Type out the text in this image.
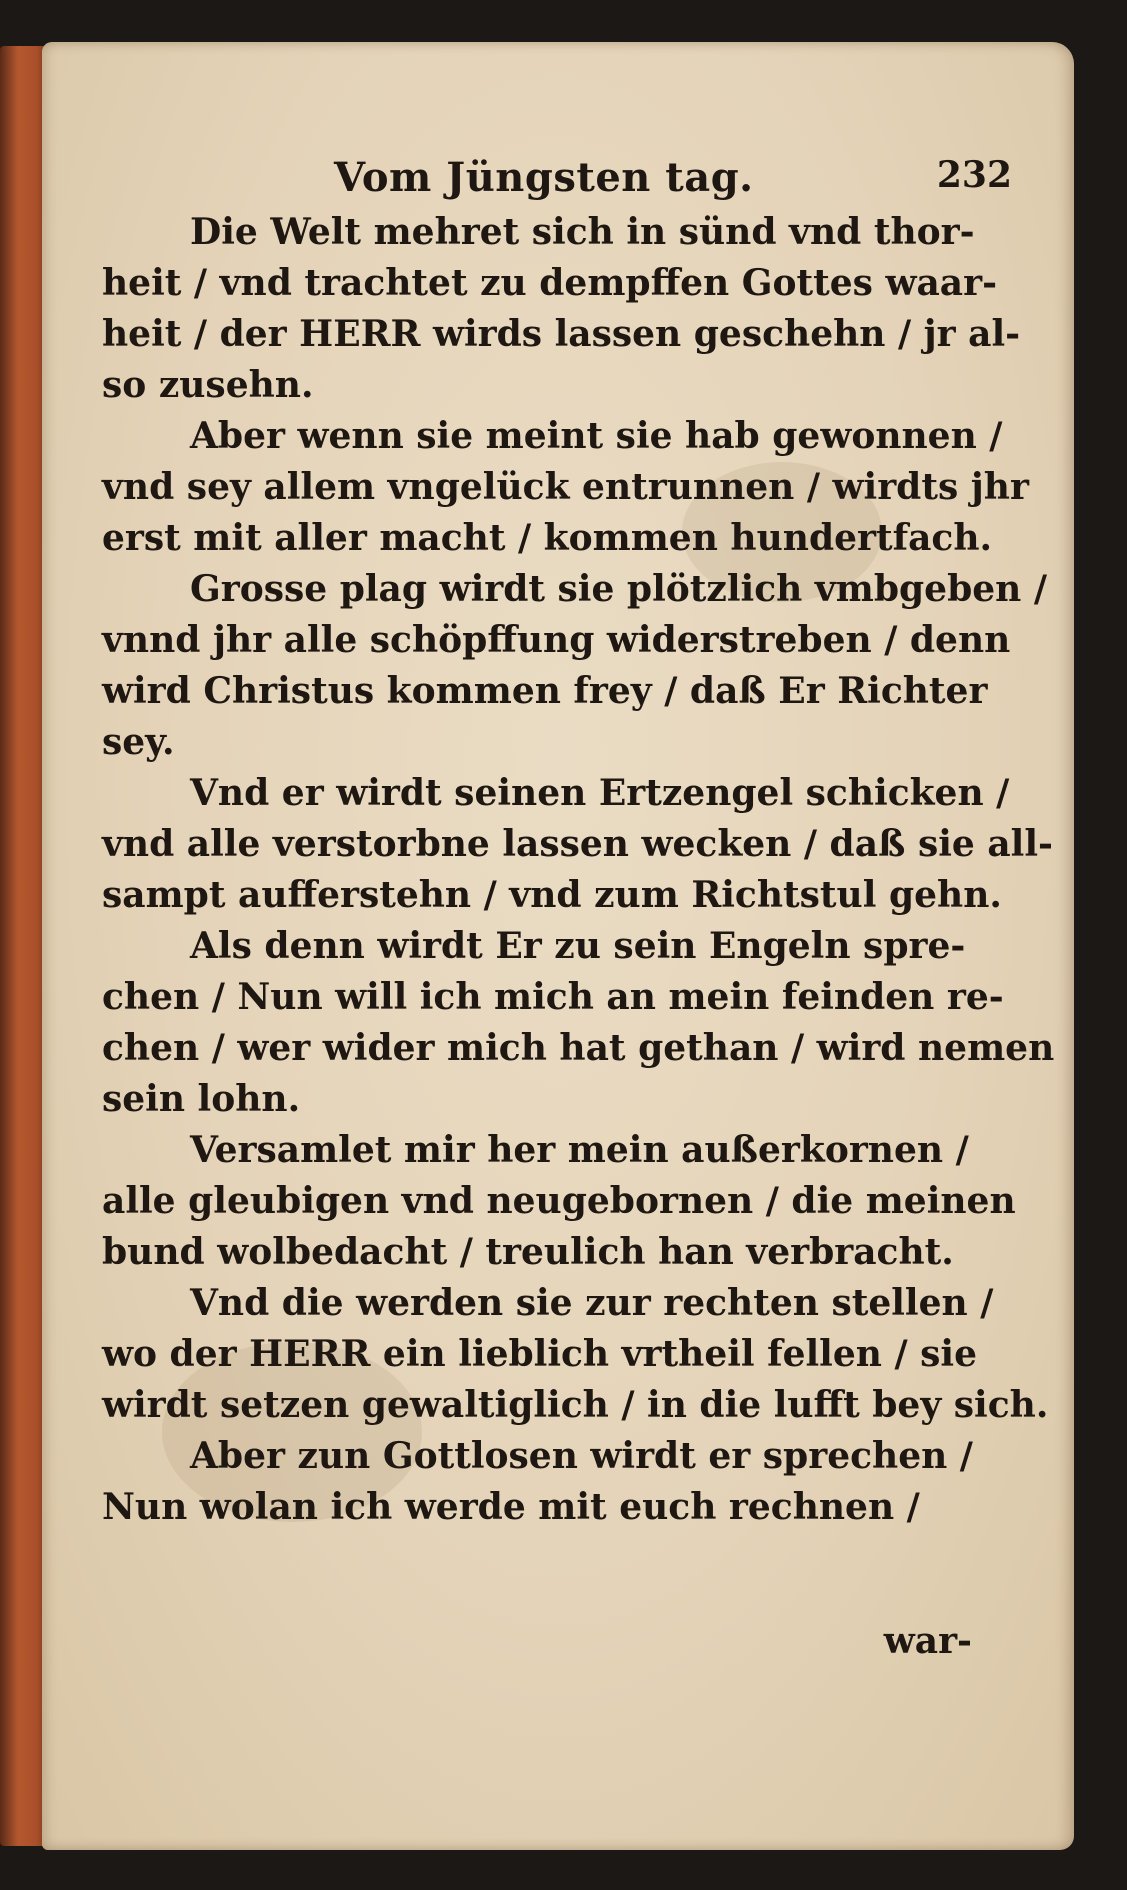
Vom Jüngsten tag.	232
Die Welt mehret sich in sünd vnd thor-
heit / vnd trachtet zu dempffen Gottes waar-
heit / der HERR wirds lassen geschehn / jr al-
so zusehn.
Aber wenn sie meint sie hab gewonnen /
vnd sey allem vngelück entrunnen / wirdts jhr
erst mit aller macht / kommen hundertfach.
Grosse plag wirdt sie plötzlich vmbgeben /
vnnd jhr alle schöpffung widerstreben / denn
wird Christus kommen frey / daß Er Richter
sey.
Vnd er wirdt seinen Ertzengel schicken /
vnd alle verstorbne lassen wecken / daß sie all-
sampt aufferstehn / vnd zum Richtstul gehn.
Als denn wirdt Er zu sein Engeln spre-
chen / Nun will ich mich an mein feinden re-
chen / wer wider mich hat gethan / wird nemen
sein lohn.
Versamlet mir her mein außerkornen /
alle gleubigen vnd neugebornen / die meinen
bund wolbedacht / treulich han verbracht.
Vnd die werden sie zur rechten stellen /
wo der HERR ein lieblich vrtheil fellen / sie
wirdt setzen gewaltiglich / in die lufft bey sich.
Aber zun Gottlosen wirdt er sprechen /
Nun wolan ich werde mit euch rechnen /
war-
